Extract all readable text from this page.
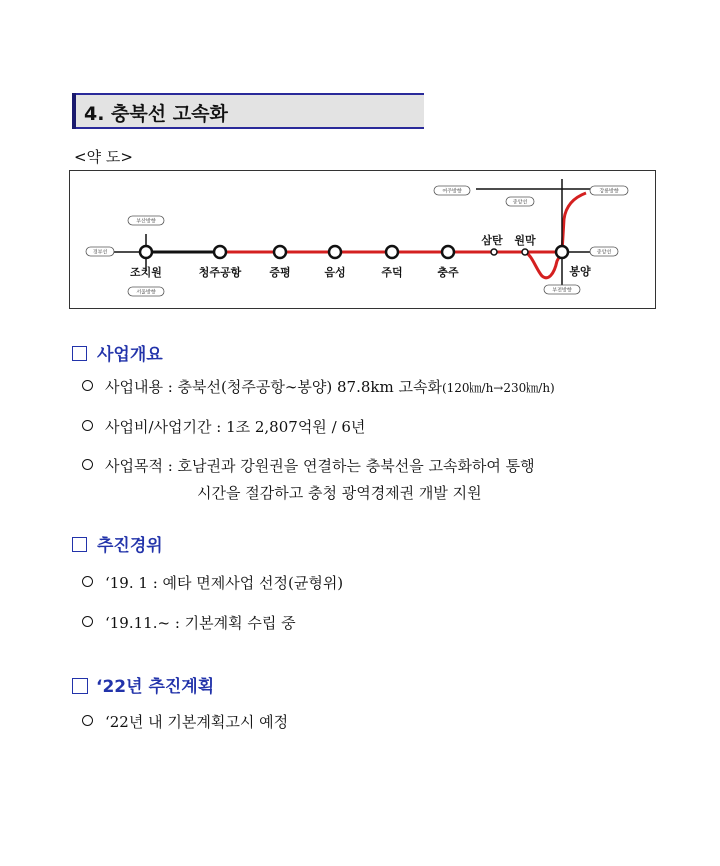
4. 충북선 고속화
<약 도>
조치원	청주공항	증평	음성	주덕	충주
삼탄 원막
봉양
부산방향
경부선
서울방향
여주방향
중앙선
강릉방향
중앙선
부전방향
사업개요
사업내용 : 충북선(청주공항∼봉양) 87.8km 고속화(120㎞/h→230㎞/h)
사업비/사업기간 : 1조 2,807억원 / 6년
사업목적 : 호남권과 강원권을 연결하는 충북선을 고속화하여 통행
시간을 절감하고 충청 광역경제권 개발 지원
추진경위
‘19. 1 : 예타 면제사업 선정(균형위)
‘19.11.~ : 기본계획 수립 중
‘22년 추진계획
‘22년 내 기본계획고시 예정
